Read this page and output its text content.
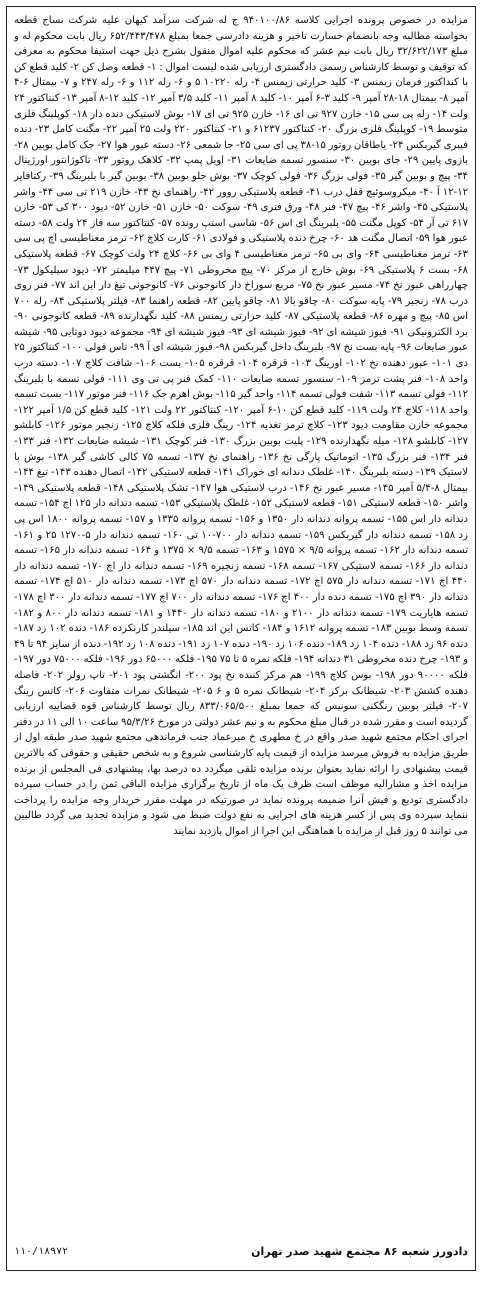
مزایده در خصوص پرونده اجرایی کلاسه ۹۴۰۱۰۰/۸۶ ج له شرکت سرآمد کیهان علیه شرکت نساج قطعه بخواسته مطالبه وجه بانضمام خسارت تاخیر و هزینه دادرسی جمعا بمبلغ ۶۵۲/۴۴۳/۴۷۸ ریال بابت محکوم له و مبلغ ۳۲/۶۲۲/۱۷۳ ریال بابت نیم عشر که محکوم علیه اموال منقول بشرح ذیل جهت استیفا محکوم به معرفی که توقیف و توسط کارشناس رسمی دادگستری ارزیابی شده لیست اموال : ۱- قطعه وصل کن ۲- کلید قطع کن با کنداکتور فرمان زیمنس ۳- کلید حرارتی زیمنس ۴- رله ۱۰۲۲۰ ۵ و ۶- رله ۱۱۲ و ۶- رله ۲۴۷ و ۷- بیمتال ۶-۴ آمپر ۸- بیمتال ۱۸-۲۸ آمپر ۹- کلید ۳-۶ آمپر ۱۰- کلید ۸ آمپر ۱۱- کلید ۳/۵ آمپر ۱۲- کلید ۱۲-۸ آمپر ۱۳- کنتاکتور ۲۴ ولت ۱۴- رله پی سی ۱۵- خازن ۹۲۷ تی ای ۱۶- خازن ۹۲۵ تی ای ۱۷- بوش لاستیکی دنده دار ۱۸- کوپلینگ فلزی متوسط ۱۹- کوپلینگ فلزی بزرگ ۲۰- کنتاکتور ۶۱۲۳۷ و ۲۱- کنتاکتور ۲۲۰ ولت ۲۵ آمپر ۲۲- مگنت کامل ۲۳- دنده فیبری گیربکس ۲۴- یاطاقان روتور ۱۵-۳۸ پی ای سی ۲۵- جا شمعی ۲۶- دسته عبور هوا ۲۷- جک کامل بوبین ۲۸- بازوی پایین ۲۹- جای بوبین ۳۰- سنسور تسمه ضایعات ۳۱- اویل پمپ ۳۲- کلاهک روتور ۳۳- تاکوژانتور اورژینال ۳۴- پیچ و بوبین گیر ۳۵- فولی بزرگ ۳۶- فولی کوچک ۳۷- بوش جلو بوبین ۳۸- بوبین گیر با بلبرینگ ۳۹- رکتافایر ۱۲-۱۲ آ ۴۰- میکروسوئیچ قفل درب ۴۱- قطعه پلاستیکی روور ۴۲- راهنمای نخ ۴۳- خازن ۲۱۹ تی سی ۴۴- واشر پلاستیکی ۴۵- واشر ۴۶- پیچ ۴۷- فنر ۴۸- ورق فنری ۴۹- سوکت ۵۰- خازن ۵۱- خازن ۵۲- دیود ۳۰۰ کی ۵۳- خازن ۶۱۷ تی آر ۵۴- کوپل مگنت ۵۵- بلبرینگ ای اس ۵۶- شاسی استپ رونده ۵۷- کنتاکتور سه فاز ۲۴ ولت ۵۸- دسته عبور هوا ۵۹- اتصال مگنت هد ۶۰- چرخ دنده پلاستیکی و فولادی ۶۱- کارت کلاچ ۶۲- ترمز مغناطیسی اچ پی سی ۶۳- ترمز مغناطیسی ۶۴- وای بی ۶۵- ترمز مغناطیسی ۴ وای بی ۶۶- کلاچ ۲۴ ولت کوچک ۶۷- قطعه پلاستیکی ۶۸- بست ۶ پلاستیکی ۶۹- بوش خارج از مرکز ۷۰- پیچ مخروطی ۷۱- پیچ ۴۴۷ میلیمتر ۷۲- دیود سیلیکول ۷۳- چهارراهی عبور نخ ۷۴- مسیر عبور نخ ۷۵- مربع سوراخ دار کانوجونی ۷۶- کانوجونی تیغ دار این اند ۷۷- فنر روی درب ۷۸- زنجیر ۷۹- پایه سوکت ۸۰- چاقو بالا ۸۱- چاقو پایین ۸۲- قطعه راهنما ۸۳- فیلتر پلاستیکی ۸۴- رله ۷۰۰ اس ۸۵- پیچ و مهره ۸۶- قطعه پلاستیکی ۸۷- کلید حرارتی زیمنس ۸۸- کلید نگهدارنده ۸۹- قطعه کانوجونی ۹۰- برد الکترونیکی ۹۱- فیوز شیشه ای ۹۲- فیوز شیشه ای ۹۳- فیوز شیشه ای ۹۴- مجموعه دیود دوتایی ۹۵- شیشه عبور ضایعات ۹۶- پایه بست نخ ۹۷- بلبرینگ داخل گیربکس ۹۸- فیوز شیشه ای آ ۹۹- تاس فولی ۱۰۰- کنتاکتور ۲۵ دی ۱۰۱- عبور دهنده نخ ۱۰۲- اورینگ ۱۰۳- قرقره ۱۰۴- قرقره ۱۰۵- بست ۱۰۶- شافت کلاچ ۱۰۷- دسته درب واحد ۱۰۸- فنر پشت ترمز ۱۰۹- سنسور تسمه ضایعات ۱۱۰- کمک فنر پی تی وی ۱۱۱- فولی تسمه با بلبرینگ ۱۱۲- فولی تسمه ۱۱۳- شفت فولی تسمه ۱۱۴- واحد گیر ۱۱۵- بوش اهرم جک ۱۱۶- فنر موتور ۱۱۷- بست تسمه واحد ۱۱۸- کلاچ ۲۴ ولت ۱۱۹- کلید قطع کن ۱۰-۶ آمپر ۱۲۰- کنتاکتور ۲۲ ولت ۱۲۱- کلید قطع کن ۱/۵ آمپر ۱۲۲- مجموعه خازن مقاومت دیود ۱۲۳- کلاچ ترمز تغذیه ۱۲۴- رینگ فلزی فلکه کلاچ ۱۲۵- زنجیر موتور ۱۲۶- کابلشو ۱۲۷- کابلشو ۱۲۸- میله نگهدارنده ۱۲۹- پلیت بوبین بزرگ ۱۳۰- فنر کوچک ۱۳۱- شیشه ضایعات ۱۳۲- فنر ۱۳۳- فنر ۱۳۴- فنر بزرگ ۱۳۵- اتوماتیک پارگی نخ ۱۳۶- راهنمای نخ ۱۳۷- تسمه ۷۵ کالی کاشی گیر ۱۳۸- بوش با لاستیک ۱۳۹- دسته بلبرینگ ۱۴۰- غلطک دندانه ای خوراک ۱۴۱- قطعه لاستیکی ۱۴۲- اتصال دهنده ۱۴۳- تیغ ۱۴۴- بیمتال ۸-۵/۴ آمپر ۱۴۵- مسیر عبور نخ ۱۴۶- درب لاستیکی هوا ۱۴۷- تشک پلاستیکی ۱۴۸- قطعه پلاستیکی ۱۴۹- واشر ۱۵۰- قطعه لاستیکی ۱۵۱- قطعه لاستیکی ۱۵۲- غلطک پلاستیکی ۱۵۳- تسمه دندانه دار ۱۲۵ اچ ۱۵۴- تسمه دندانه دار اس ۱۵۵- تسمه پروانه دندانه دار ۱۳۵۰ و ۱۵۶- تسمه پروانه ۱۳۳۵ و ۱۵۷- تسمه پروانه ۱۸۰۰ اس پی زد ۱۵۸- تسمه دندانه دار گیربکس ۱۵۹- تسمه دندانه دار ۷۰۰-۱۰ تی ۱۶۰- تسمه دندانه دار ۵-۱۲۷۰ ۲۵ و ۱۶۱- تسمه دندانه دار ۱۶۲- تسمه پروانه ۹/۵ × ۱۵۷۵ و ۱۶۳- تسمه ۹/۵ × ۱۳۷۵ و ۱۶۴- تسمه دندانه دار ۱۶۵- تسمه دندانه دار ۱۶۶- تسمه لاستیکی ۱۶۷- تسمه ۱۶۸- تسمه زنجیره ۱۶۹- تسمه دندانه دار اچ ۱۷۰- تسمه دندانه دار ۴۴۰ اچ ۱۷۱- تسمه دندانه دار ۵۷۵ اچ ۱۷۲- تسمه دندانه دار ۵۷۰ اچ ۱۷۳- تسمه دندانه دار ۵۱۰ اچ ۱۷۴- تسمه دندانه دار ۳۹۰ اچ ۱۷۵- تسمه دنده دار ۴۰۰ اچ ۱۷۶- تسمه دندانه دار ۷۰۰ اچ ۱۷۷- تسمه دندانه دار ۳۰۰ اچ ۱۷۸- تسمه هایاریت ۱۷۹- تسمه دندانه دار ۲۱۰۰ و ۱۸۰- تسمه دندانه دار ۱۴۴۰ و ۱۸۱- تسمه دندانه دار ۸۰۰ و ۱۸۲- تسمه وسط بوبین ۱۸۳- تسمه پروانه ۱۶۱۲ و ۱۸۴- کاتس این اند ۱۸۵- سیلندر کارنکرده ۱۸۶- دنده ۱۰۲ زد ۱۸۷- دنده ۹۶ زد ۱۸۸- دنده ۱۰۴ زد ۱۸۹- دنده ۱۰۶ زد ۱۹۰- دنده ۱۰۷ زد ۱۹۱- دنده ۱۰۸ زد ۱۹۲- دنده از سایز ۹۴ تا ۴۹ و ۱۹۳- چرخ دنده مخروطی ۳۱ دندانه ۱۹۴- فلکه نمره ۵ تا ۷۵ ۱۹۵- فلکه ۶۵۰۰۰ دور ۱۹۶- فلکه ۷۵۰۰۰ دور ۱۹۷- فلکه ۹۰۰۰۰ دور ۱۹۸- بوس کلاچ ۱۹۹- هم مرکز کننده نخ پود ۲۰۰- انگشتی پود ۲۰۱- تاپ رولر ۲۰۲- فاصله دهنده کشش ۲۰۳- شیطانک برکر ۲۰۴- شیطانک نمره ۵ و ۶ ۲۰۵- شیطانک نمرات متفاوت ۲۰۶- کاتس رینگ ۲۰۷- فیلتر بوبین رنگکنی سونیس که جمعا بمبلغ ۸۳۳/۰۶۵/۵۰۰ ریال توسط کارشناس قوه قضاییه ارزیابی گردیده است و مقرر شده در قبال مبلغ محکوم به و نیم عشر دولتی در مورخ ۹۵/۳/۲۶ ساعت ۱۰ الی ۱۱ در دفتر اجرای احکام مجتمع شهید صدر واقع در خ مطهری خ میرعماد جنب فرماندهی مجتمع شهید صدر طبقه اول از طریق مزایده به فروش میرسد مزایده از قیمت پایه کارشناسی شروع و به شخص حقیقی و حقوقی که بالاترین قیمت پیشنهادی را ارائه نماید بعنوان برنده مزایده تلقی میگردد ده درصد بها، پیشنهادی فی المجلس از برنده مزایده اخذ و مشارالیه موظف است ظرف یک ماه از تاریخ برگزاری مزایده الباقی ثمن را در حساب سپرده دادگستری تودیع و فیش آنرا ضمیمه پرونده نماید در صورتیکه در مهلت مقرر خریدار وجه مزایده را پرداخت ننماید سپرده وی پس از کسر هزینه های اجرایی به نفع دولت ضبط می شود و مزایده تجدید می گردد طالبین می توانند ۵ روز قبل از مزایده با هماهنگی این اجرا از اموال بازدید نمایند

دادورز شعبه ۸۶ مجتمع شهید صدر تهران
۱۱۰/۱۸۹۷۲
